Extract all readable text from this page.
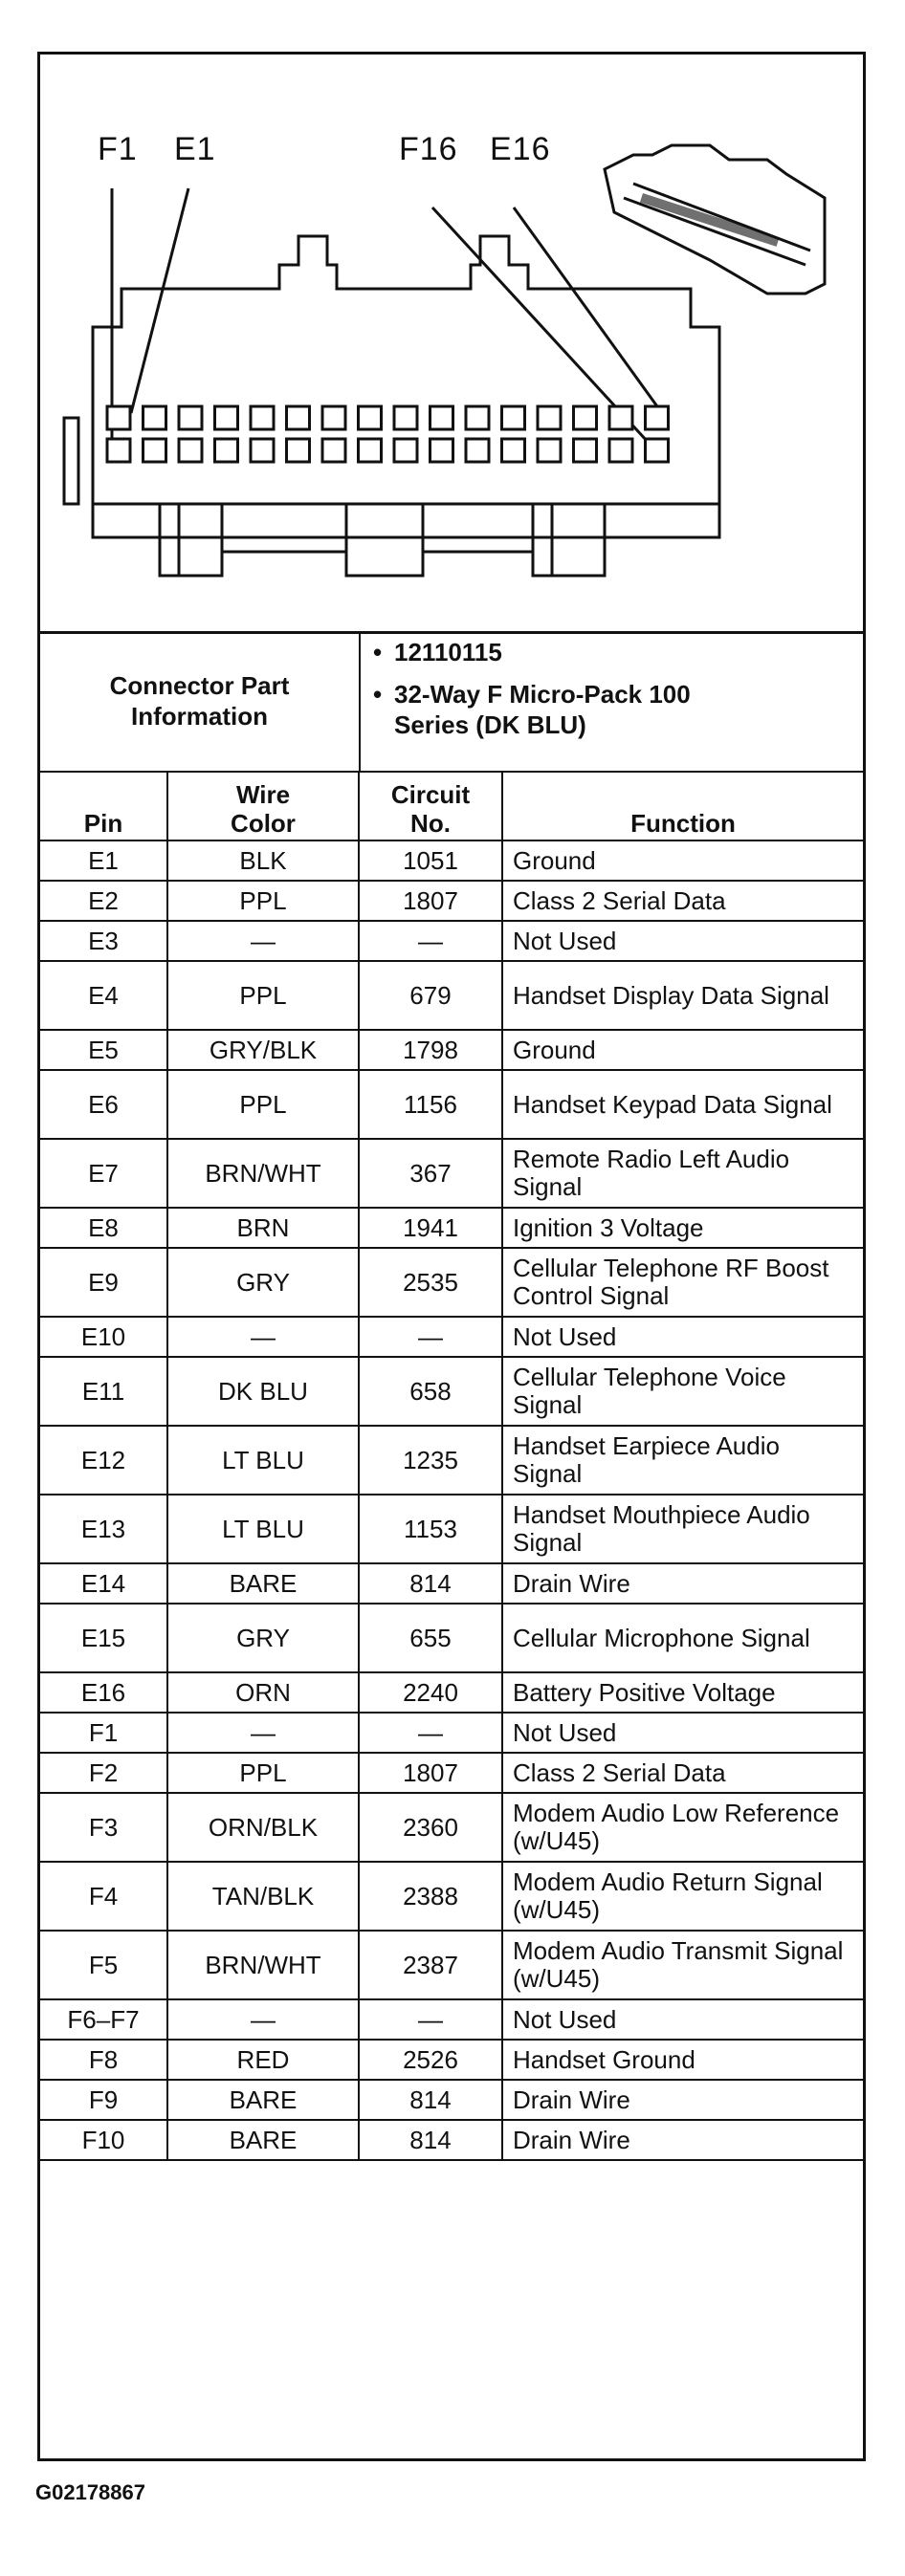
F1 E1	F16 E16
Connector Part Information
• 12110115
• 32-Way F Micro-Pack 100 Series (DK BLU)
Pin	Wire Color	Circuit No.	Function
E1	BLK	1051	Ground
E2	PPL	1807	Class 2 Serial Data
E3	—	—	Not Used
E4	PPL	679	Handset Display Data Signal
E5	GRY/BLK	1798	Ground
E6	PPL	1156	Handset Keypad Data Signal
E7	BRN/WHT	367	Remote Radio Left Audio Signal
E8	BRN	1941	Ignition 3 Voltage
E9	GRY	2535	Cellular Telephone RF Boost Control Signal
E10	—	—	Not Used
E11	DK BLU	658	Cellular Telephone Voice Signal
E12	LT BLU	1235	Handset Earpiece Audio Signal
E13	LT BLU	1153	Handset Mouthpiece Audio Signal
E14	BARE	814	Drain Wire
E15	GRY	655	Cellular Microphone Signal
E16	ORN	2240	Battery Positive Voltage
F1	—	—	Not Used
F2	PPL	1807	Class 2 Serial Data
F3	ORN/BLK	2360	Modem Audio Low Reference (w/U45)
F4	TAN/BLK	2388	Modem Audio Return Signal (w/U45)
F5	BRN/WHT	2387	Modem Audio Transmit Signal (w/U45)
F6–F7	—	—	Not Used
F8	RED	2526	Handset Ground
F9	BARE	814	Drain Wire
F10	BARE	814	Drain Wire
G02178867
